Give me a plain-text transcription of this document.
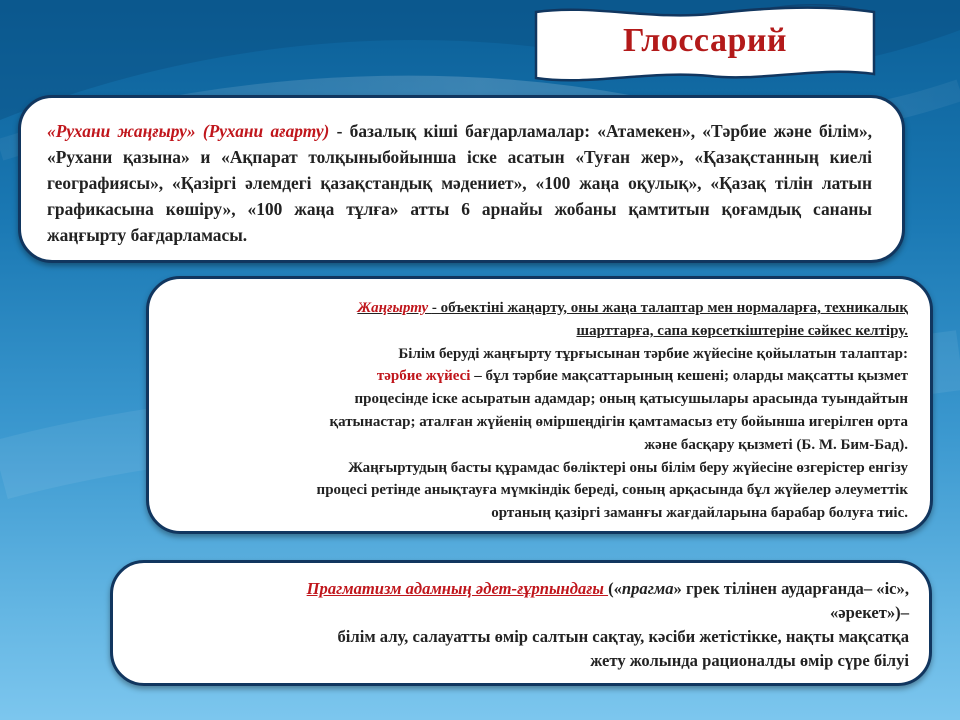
Глоссарий

«Рухани жаңғыру» (Рухани ағарту) - базалық кіші бағдарламалар: «Атамекен», «Тәрбие және білім», «Рухани қазына» и «Ақпарат толқыныбойынша іске асатын «Туған жер», «Қазақстанның киелі географиясы», «Қазіргі әлемдегі қазақстандық мәдениет», «100 жаңа оқулық», «Қазақ тілін латын графикасына көшіру», «100 жаңа тұлға» атты 6 арнайы жобаны қамтитын қоғамдық сананы жаңғырту бағдарламасы.

Жаңғырту - объектіні жаңарту, оны жаңа талаптар мен нормаларға, техникалық
шарттарға, сапа көрсеткіштеріне сәйкес келтіру.
Білім беруді жаңғырту тұрғысынан тәрбие жүйесіне қойылатын талаптар:
тәрбие жүйесі – бұл тәрбие мақсаттарының кешені; оларды мақсатты қызмет
процесінде іске асыратын адамдар; оның қатысушылары арасында туындайтын
қатынастар; аталған жүйенің өміршеңдігін қамтамасыз ету бойынша игерілген орта
және басқару қызметі (Б. М. Бим-Бад).
Жаңғыртудың басты құрамдас бөліктері оны білім беру жүйесіне өзгерістер енгізу
процесі ретінде анықтауға мүмкіндік береді, соның арқасында бұл жүйелер әлеуметтік
ортаның қазіргі заманғы жағдайларына барабар болуға тиіс.

Прагматизм адамның әдет-ғұрпындағы («прагма» грек тілінен аударғанда– «іс»,
«әрекет»)–
білім алу, салауатты өмір салтын сақтау, кәсіби жетістікке, нақты мақсатқа
жету жолында рационалды өмір сүре білуі
